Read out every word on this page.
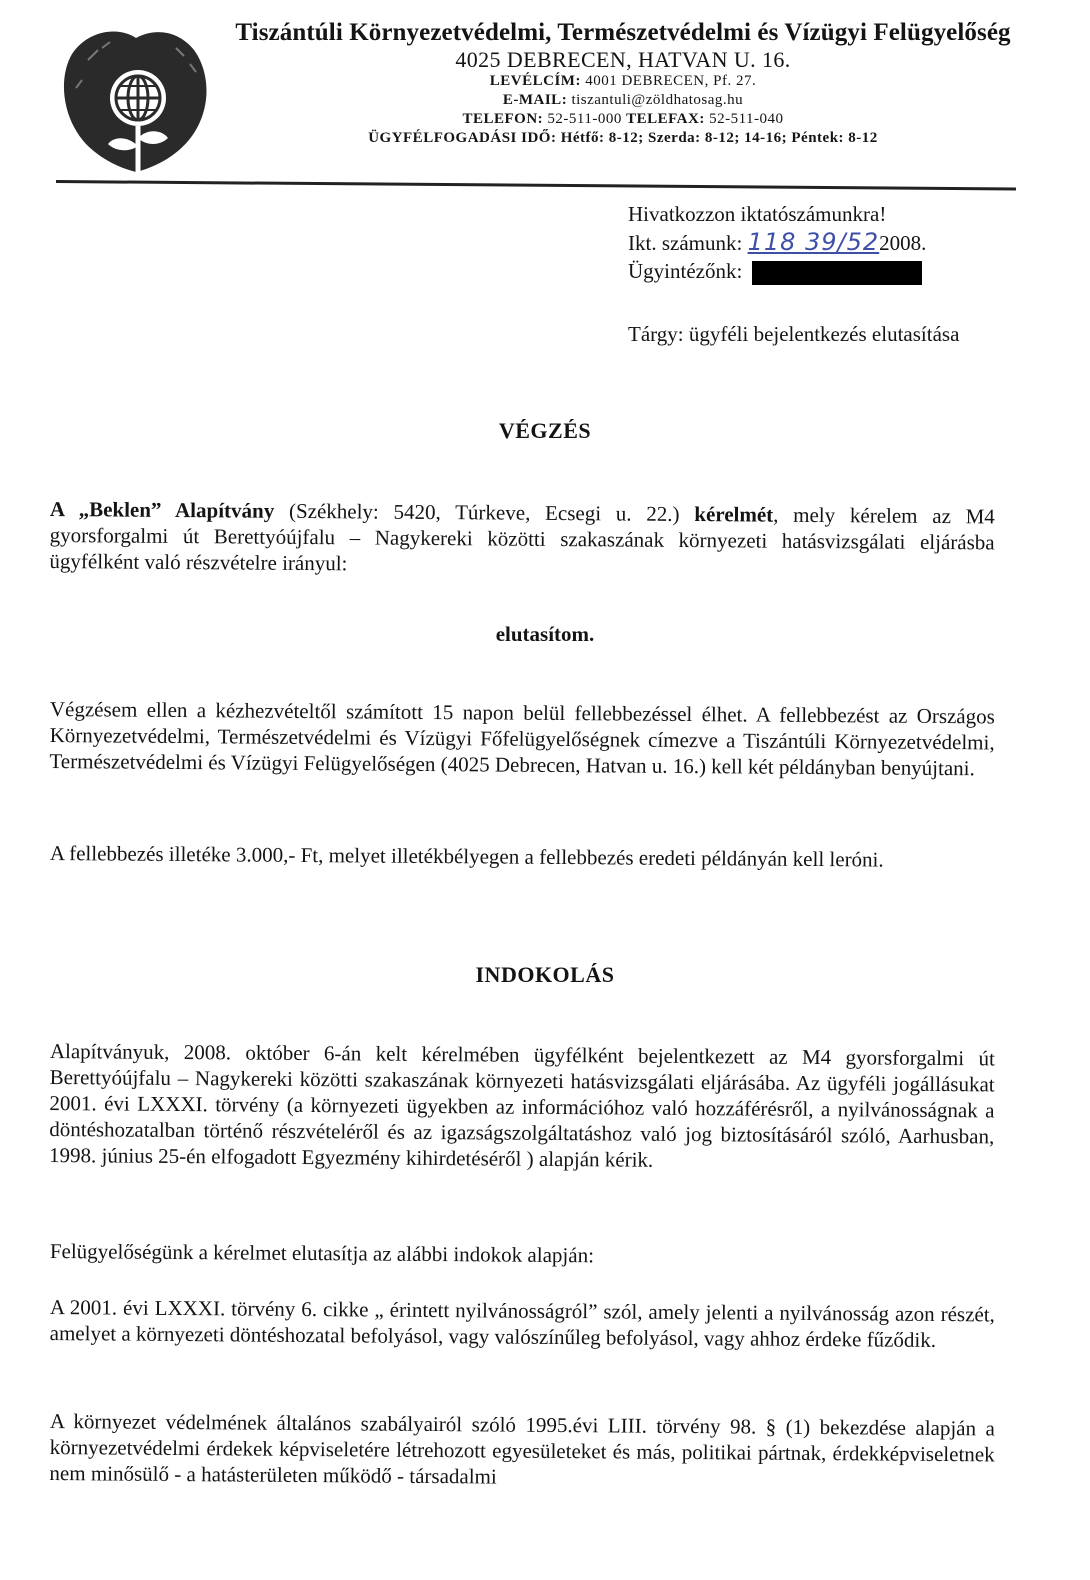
Tiszántúli Környezetvédelmi, Természetvédelmi és Vízügyi Felügyelőség
4025 DEBRECEN, HATVAN U. 16.
LEVÉLCÍM: 4001 DEBRECEN, Pf. 27.
E-MAIL: tiszantuli@zöldhatosag.hu
TELEFON: 52-511-000 TELEFAX: 52-511-040
ÜGYFÉLFOGADÁSI IDŐ: Hétfő: 8-12; Szerda: 8-12; 14-16; Péntek: 8-12
Hivatkozzon iktatószámunkra!
Ikt. számunk: 118 39/522008.
Ügyintézőnk:
Tárgy: ügyféli bejelentkezés elutasítása
VÉGZÉS
A „Beklen” Alapítvány (Székhely: 5420, Túrkeve, Ecsegi u. 22.) kérelmét, mely kérelem az M4 gyorsforgalmi út Berettyóújfalu – Nagykereki közötti szakaszának környezeti hatásvizsgálati eljárásba ügyfélként való részvételre irányul:
elutasítom.
Végzésem ellen a kézhezvételtől számított 15 napon belül fellebbezéssel élhet. A fellebbezést az Országos Környezetvédelmi, Természetvédelmi és Vízügyi Főfelügyelőségnek címezve a Tiszántúli Környezetvédelmi, Természetvédelmi és Vízügyi Felügyelőségen (4025 Debrecen, Hatvan u. 16.) kell két példányban benyújtani.
A fellebbezés illetéke 3.000,- Ft, melyet illetékbélyegen a fellebbezés eredeti példányán kell leróni.
INDOKOLÁS
Alapítványuk, 2008. október 6-án kelt kérelmében ügyfélként bejelentkezett az M4 gyorsforgalmi út Berettyóújfalu – Nagykereki közötti szakaszának környezeti hatásvizsgálati eljárásába. Az ügyféli jogállásukat 2001. évi LXXXI. törvény (a környezeti ügyekben az információhoz való hozzáférésről, a nyilvánosságnak a döntéshozatalban történő részvételéről és az igazságszolgáltatáshoz való jog biztosításáról szóló, Aarhusban, 1998. június 25-én elfogadott Egyezmény kihirdetéséről ) alapján kérik.
Felügyelőségünk a kérelmet elutasítja az alábbi indokok alapján:
A 2001. évi LXXXI. törvény 6. cikke „ érintett nyilvánosságról” szól, amely jelenti a nyilvánosság azon részét, amelyet a környezeti döntéshozatal befolyásol, vagy valószínűleg befolyásol, vagy ahhoz érdeke fűződik.
A környezet védelmének általános szabályairól szóló 1995.évi LIII. törvény 98. § (1) bekezdése alapján a környezetvédelmi érdekek képviseletére létrehozott egyesületeket és más, politikai pártnak, érdekképviseletnek nem minősülő - a hatásterületen működő - társadalmi
